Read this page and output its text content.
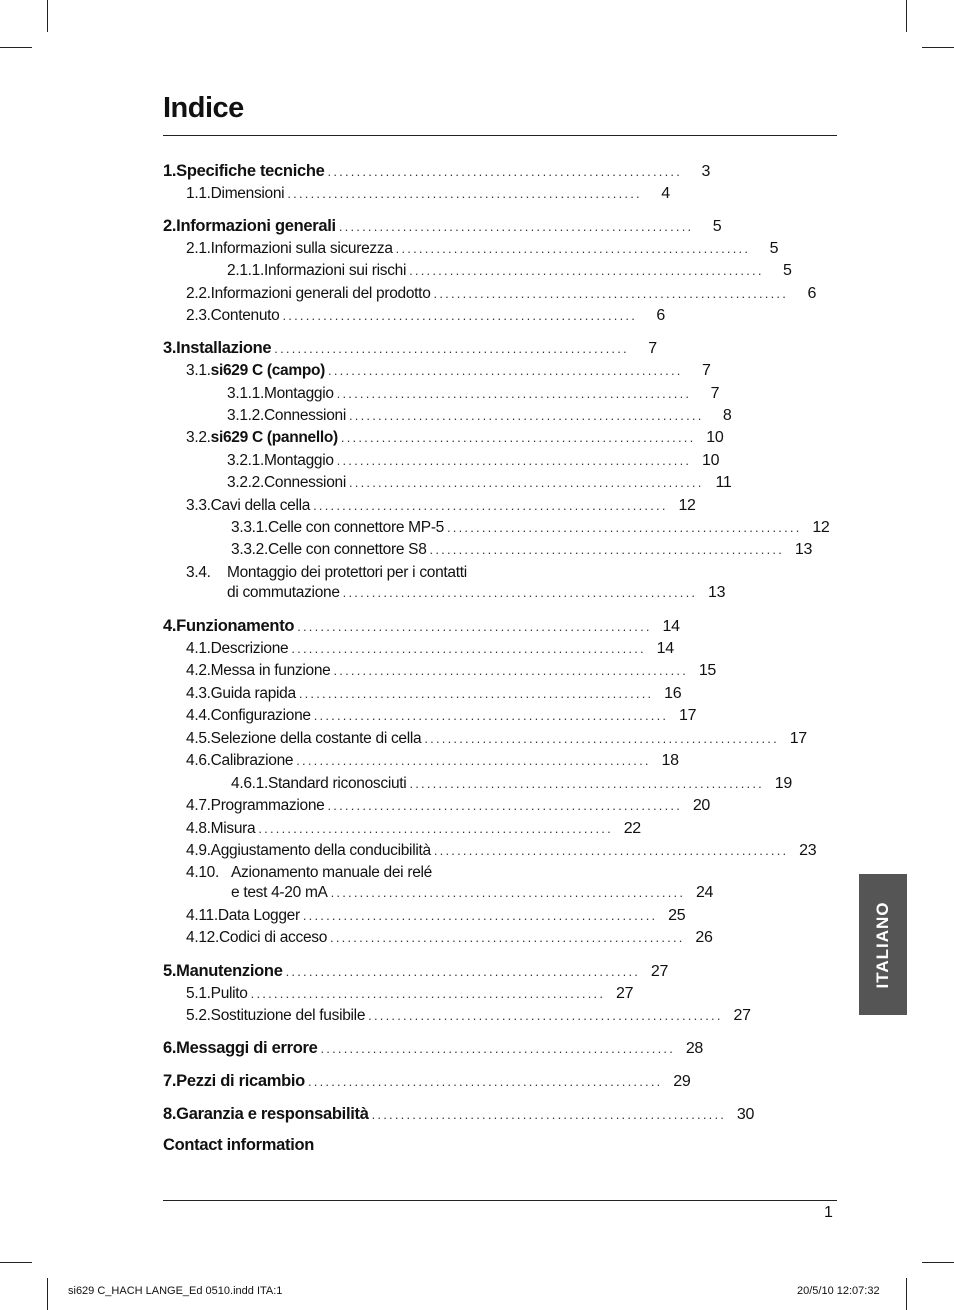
Indice
1. Specifiche tecniche .............................................................	3
1.1. Dimensioni .............................................................	4
2. Informazioni generali .............................................................	5
2.1. Informazioni sulla sicurezza .............................................................	5
2.1.1. Informazioni sui rischi .............................................................	5
2.2. Informazioni generali del prodotto .............................................................	6
2.3. Contenuto .............................................................	6
3. Installazione .............................................................	7
3.1. si629 C (campo) .............................................................	7
3.1.1. Montaggio .............................................................	7
3.1.2. Connessioni .............................................................	8
3.2. si629 C (pannello) ............................................................. 10
3.2.1. Montaggio ............................................................. 10
3.2.2. Connessioni ............................................................. 11
3.3. Cavi della cella ............................................................. 12
3.3.1. Celle con connettore MP-5 ............................................................. 12
3.3.2. Celle con connettore S8 ............................................................. 13
3.4. Montaggio dei protettori per i contatti
di commutazione ............................................................. 13
4. Funzionamento ............................................................. 14
4.1. Descrizione ............................................................. 14
4.2. Messa in funzione ............................................................. 15
4.3. Guida rapida ............................................................. 16
4.4. Configurazione ............................................................. 17
4.5. Selezione della costante di cella ............................................................. 17
4.6. Calibrazione ............................................................. 18
4.6.1. Standard riconosciuti ............................................................. 19
4.7. Programmazione ............................................................. 20
4.8. Misura ............................................................. 22
4.9. Aggiustamento della conducibilità ............................................................. 23
4.10. Azionamento manuale dei relé
e test 4-20 mA ............................................................. 24
4.11. Data Logger ............................................................. 25
4.12. Codici di acceso ............................................................. 26
5. Manutenzione ............................................................. 27
5.1. Pulito ............................................................. 27
5.2. Sostituzione del fusibile ............................................................. 27
6. Messaggi di errore ............................................................. 28
7. Pezzi di ricambio ............................................................. 29
8. Garanzia e responsabilità ............................................................. 30
Contact information
ITALIANO
1
si629 C_HACH LANGE_Ed 0510.indd ITA:1	20/5/10 12:07:32
